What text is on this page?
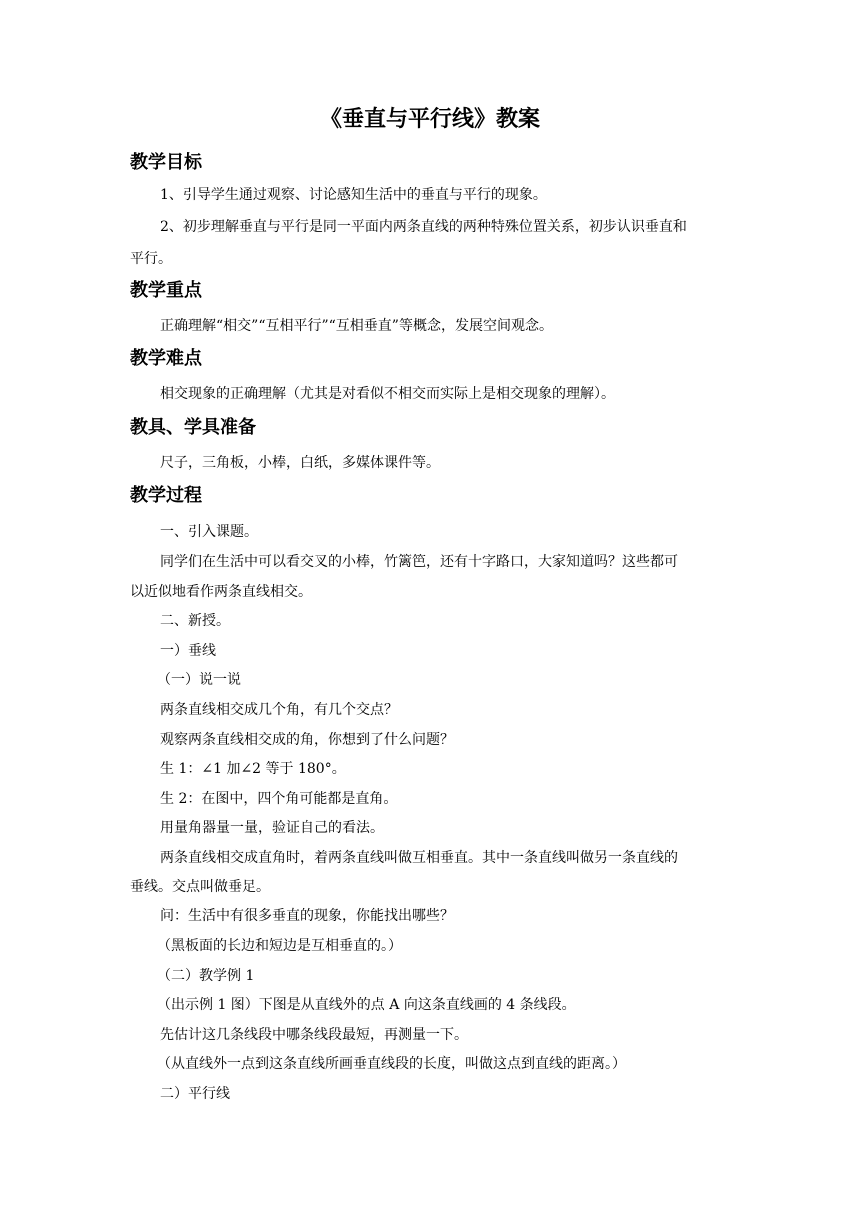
《垂直与平行线》教案
教学目标
1、引导学生通过观察、讨论感知生活中的垂直与平行的现象。
2、初步理解垂直与平行是同一平面内两条直线的两种特殊位置关系，初步认识垂直和
平行。
教学重点
正确理解“相交”“互相平行”“互相垂直”等概念，发展空间观念。
教学难点
相交现象的正确理解（尤其是对看似不相交而实际上是相交现象的理解）。
教具、学具准备
尺子，三角板，小棒，白纸，多媒体课件等。
教学过程
一、引入课题。
同学们在生活中可以看交叉的小棒，竹篱笆，还有十字路口，大家知道吗？这些都可
以近似地看作两条直线相交。
二、新授。
一）垂线
（一）说一说
两条直线相交成几个角，有几个交点？
观察两条直线相交成的角，你想到了什么问题？
生 1：∠1 加∠2 等于 180°。
生 2：在图中，四个角可能都是直角。
用量角器量一量，验证自己的看法。
两条直线相交成直角时，着两条直线叫做互相垂直。其中一条直线叫做另一条直线的
垂线。交点叫做垂足。
问：生活中有很多垂直的现象，你能找出哪些？
（黑板面的长边和短边是互相垂直的。）
（二）教学例 1
（出示例 1 图）下图是从直线外的点 A 向这条直线画的 4 条线段。
先估计这几条线段中哪条线段最短，再测量一下。
（从直线外一点到这条直线所画垂直线段的长度，叫做这点到直线的距离。）
二）平行线
